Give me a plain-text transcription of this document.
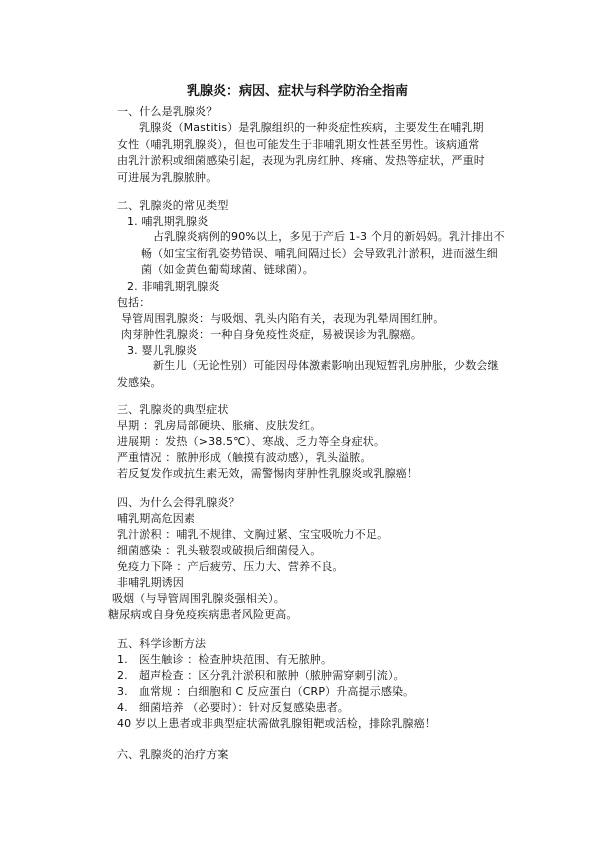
乳腺炎：病因、症状与科学防治全指南
一、什么是乳腺炎？
乳腺炎（Mastitis）是乳腺组织的一种炎症性疾病，主要发生在哺乳期女性（哺乳期乳腺炎），但也可能发生于非哺乳期女性甚至男性。该病通常由乳汁淤积或细菌感染引起，表现为乳房红肿、疼痛、发热等症状，严重时可进展为乳腺脓肿。
二、乳腺炎的常见类型
1. 哺乳期乳腺炎
占乳腺炎病例的90%以上，多见于产后 1-3 个月的新妈妈。乳汁排出不畅（如宝宝衔乳姿势错误、哺乳间隔过长）会导致乳汁淤积，进而滋生细菌（如金黄色葡萄球菌、链球菌）。
2. 非哺乳期乳腺炎
包括：
导管周围乳腺炎：与吸烟、乳头内陷有关，表现为乳晕周围红肿。
肉芽肿性乳腺炎：一种自身免疫性炎症，易被误诊为乳腺癌。
3. 婴儿乳腺炎
新生儿（无论性别）可能因母体激素影响出现短暂乳房肿胀，少数会继发感染。
三、乳腺炎的典型症状
早期 ：乳房局部硬块、胀痛、皮肤发红。
进展期 ：发热（>38.5℃）、寒战、乏力等全身症状。
严重情况 ：脓肿形成（触摸有波动感），乳头溢脓。
若反复发作或抗生素无效，需警惕肉芽肿性乳腺炎或乳腺癌！
四、为什么会得乳腺炎？
哺乳期高危因素
乳汁淤积 ：哺乳不规律、文胸过紧、宝宝吸吮力不足。
细菌感染 ：乳头皲裂或破损后细菌侵入。
免疫力下降 ：产后疲劳、压力大、营养不良。
非哺乳期诱因
吸烟（与导管周围乳腺炎强相关）。
糖尿病或自身免疫疾病患者风险更高。
五、科学诊断方法
1. 医生触诊 ：检查肿块范围、有无脓肿。
2. 超声检查 ：区分乳汁淤积和脓肿（脓肿需穿刺引流）。
3. 血常规 ：白细胞和 C 反应蛋白（CRP）升高提示感染。
4. 细菌培养 （必要时）：针对反复感染患者。
40 岁以上患者或非典型症状需做乳腺钼靶或活检，排除乳腺癌！
六、乳腺炎的治疗方案
